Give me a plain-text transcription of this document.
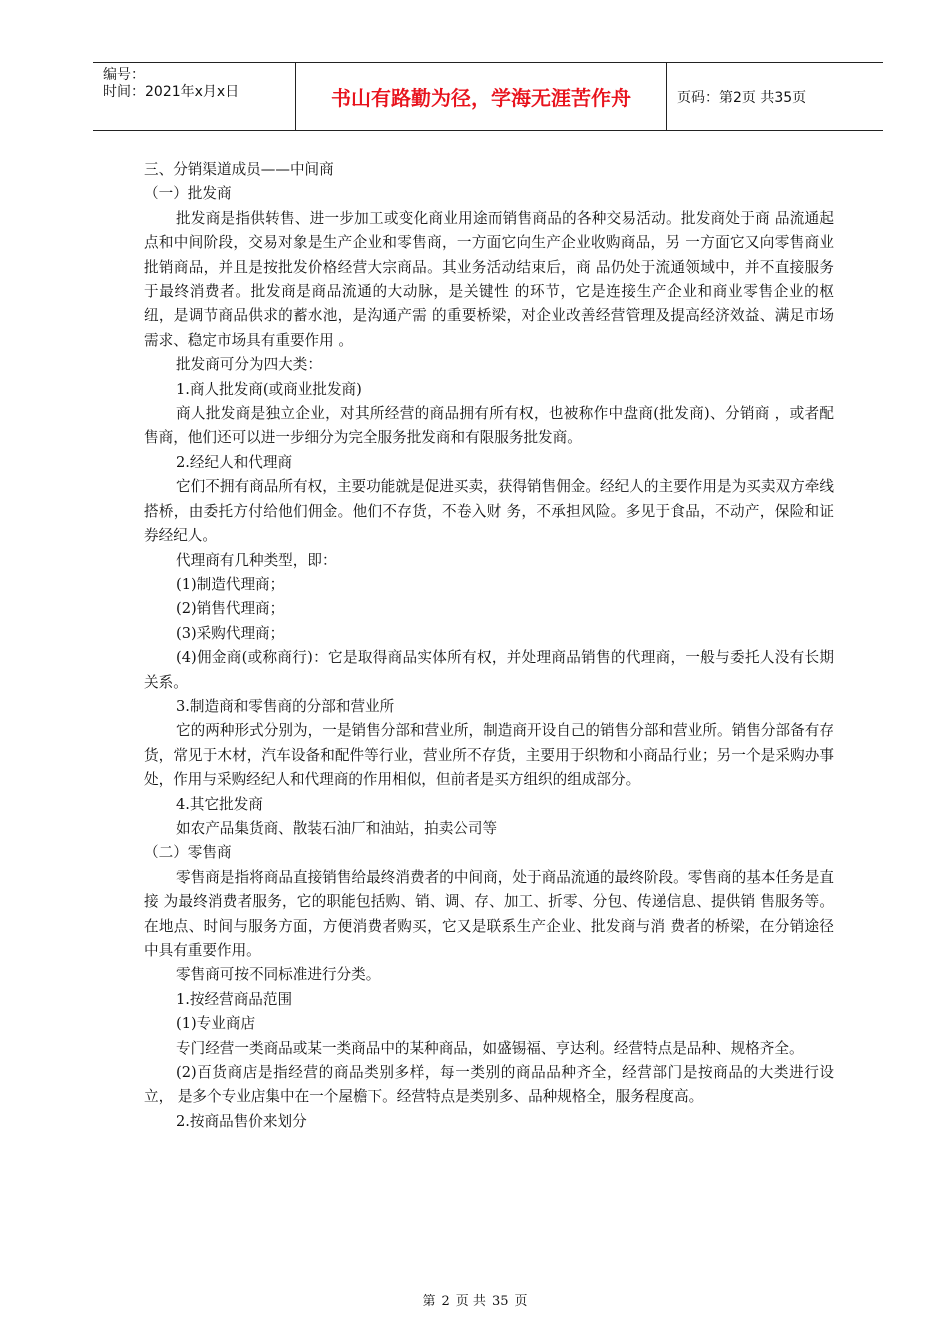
编号：
时间：2021年x月x日	书山有路勤为径，学海无涯苦作舟	页码：第2页 共35页

三、分销渠道成员——中间商

（一）批发商

批发商是指供转售、进一步加工或变化商业用途而销售商品的各种交易活动。批发商处于商 品流通起点和中间阶段，交易对象是生产企业和零售商，一方面它向生产企业收购商品，另 一方面它又向零售商业批销商品，并且是按批发价格经营大宗商品。其业务活动结束后，商 品仍处于流通领域中，并不直接服务于最终消费者。批发商是商品流通的大动脉，是关键性 的环节，它是连接生产企业和商业零售企业的枢纽，是调节商品供求的蓄水池，是沟通产需 的重要桥梁，对企业改善经营管理及提高经济效益、满足市场需求、稳定市场具有重要作用 。

批发商可分为四大类：

1.商人批发商(或商业批发商)

商人批发商是独立企业，对其所经营的商品拥有所有权，也被称作中盘商(批发商)、分销商 ，或者配售商，他们还可以进一步细分为完全服务批发商和有限服务批发商。

2.经纪人和代理商

它们不拥有商品所有权，主要功能就是促进买卖，获得销售佣金。经纪人的主要作用是为买卖双方牵线搭桥，由委托方付给他们佣金。他们不存货，不卷入财 务，不承担风险。多见于食品，不动产，保险和证券经纪人。

代理商有几种类型，即：

(1)制造代理商；

(2)销售代理商；

(3)采购代理商；

(4)佣金商(或称商行)：它是取得商品实体所有权，并处理商品销售的代理商，一般与委托人没有长期关系。

3.制造商和零售商的分部和营业所

它的两种形式分别为，一是销售分部和营业所，制造商开设自己的销售分部和营业所。销售分部备有存货，常见于木材，汽车设备和配件等行业，营业所不存货，主要用于织物和小商品行业；另一个是采购办事处，作用与采购经纪人和代理商的作用相似，但前者是买方组织的组成部分。

4.其它批发商

如农产品集货商、散装石油厂和油站，拍卖公司等

（二）零售商

零售商是指将商品直接销售给最终消费者的中间商，处于商品流通的最终阶段。零售商的基本任务是直接 为最终消费者服务，它的职能包括购、销、调、存、加工、折零、分包、传递信息、提供销 售服务等。在地点、时间与服务方面，方便消费者购买，它又是联系生产企业、批发商与消 费者的桥梁，在分销途径中具有重要作用。

零售商可按不同标准进行分类。

1.按经营商品范围

(1)专业商店

专门经营一类商品或某一类商品中的某种商品，如盛锡福、亨达利。经营特点是品种、规格齐全。

(2)百货商店是指经营的商品类别多样，每一类别的商品品种齐全，经营部门是按商品的大类进行设立， 是多个专业店集中在一个屋檐下。经营特点是类别多、品种规格全，服务程度高。

2.按商品售价来划分

第 2 页 共 35 页
